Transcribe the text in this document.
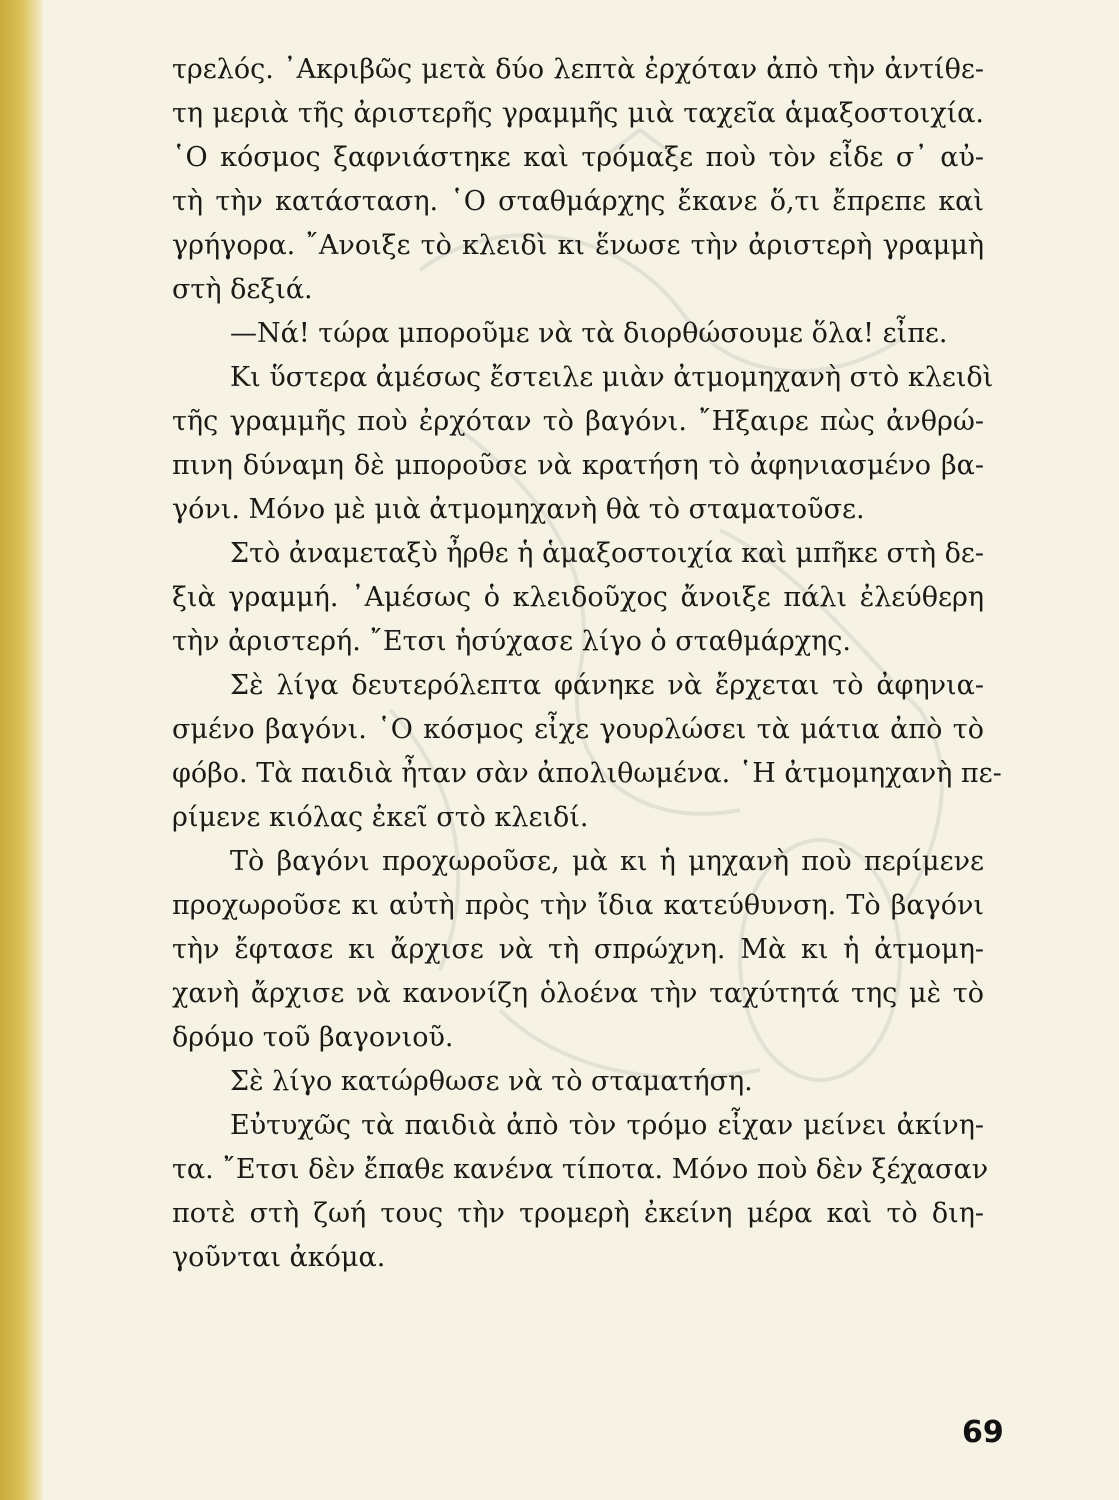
τρελός. ᾿Ακριβῶς μετὰ δύο λεπτὰ ἐρχόταν ἀπὸ τὴν ἀντίθε-
τη μεριὰ τῆς ἀριστερῆς γραμμῆς μιὰ ταχεῖα ἁμαξοστοιχία.
῾Ο κόσμος ξαφνιάστηκε καὶ τρόμαξε ποὺ τὸν εἶδε σ᾿ αὐ-
τὴ τὴν κατάσταση. ῾Ο σταθμάρχης ἔκανε ὅ,τι ἔπρεπε καὶ
γρήγορα. ῎Ανοιξε τὸ κλειδὶ κι ἕνωσε τὴν ἀριστερὴ γραμμὴ
στὴ δεξιά.
—Νά! τώρα μποροῦμε νὰ τὰ διορθώσουμε ὅλα! εἶπε.
Κι ὕστερα ἀμέσως ἔστειλε μιὰν ἀτμομηχανὴ στὸ κλειδὶ
τῆς γραμμῆς ποὺ ἐρχόταν τὸ βαγόνι. ῎Ηξαιρε πὼς ἀνθρώ-
πινη δύναμη δὲ μποροῦσε νὰ κρατήση τὸ ἀφηνιασμένο βα-
γόνι. Μόνο μὲ μιὰ ἀτμομηχανὴ θὰ τὸ σταματοῦσε.
Στὸ ἀναμεταξὺ ἦρθε ἡ ἁμαξοστοιχία καὶ μπῆκε στὴ δε-
ξιὰ γραμμή. ᾿Αμέσως ὁ κλειδοῦχος ἄνοιξε πάλι ἐλεύθερη
τὴν ἀριστερή. ῎Ετσι ἡσύχασε λίγο ὁ σταθμάρχης.
Σὲ λίγα δευτερόλεπτα φάνηκε νὰ ἔρχεται τὸ ἀφηνια-
σμένο βαγόνι. ῾Ο κόσμος εἶχε γουρλώσει τὰ μάτια ἀπὸ τὸ
φόβο. Τὰ παιδιὰ ἦταν σὰν ἀπολιθωμένα. ῾Η ἀτμομηχανὴ πε-
ρίμενε κιόλας ἐκεῖ στὸ κλειδί.
Τὸ βαγόνι προχωροῦσε, μὰ κι ἡ μηχανὴ ποὺ περίμενε
προχωροῦσε κι αὐτὴ πρὸς τὴν ἴδια κατεύθυνση. Τὸ βαγόνι
τὴν ἔφτασε κι ἄρχισε νὰ τὴ σπρώχνη. Μὰ κι ἡ ἀτμομη-
χανὴ ἄρχισε νὰ κανονίζη ὁλοένα τὴν ταχύτητά της μὲ τὸ
δρόμο τοῦ βαγονιοῦ.
Σὲ λίγο κατώρθωσε νὰ τὸ σταματήση.
Εὐτυχῶς τὰ παιδιὰ ἀπὸ τὸν τρόμο εἶχαν μείνει ἀκίνη-
τα. ῎Ετσι δὲν ἔπαθε κανένα τίποτα. Μόνο ποὺ δὲν ξέχασαν
ποτὲ στὴ ζωή τους τὴν τρομερὴ ἐκείνη μέρα καὶ τὸ διη-
γοῦνται ἀκόμα.
69
